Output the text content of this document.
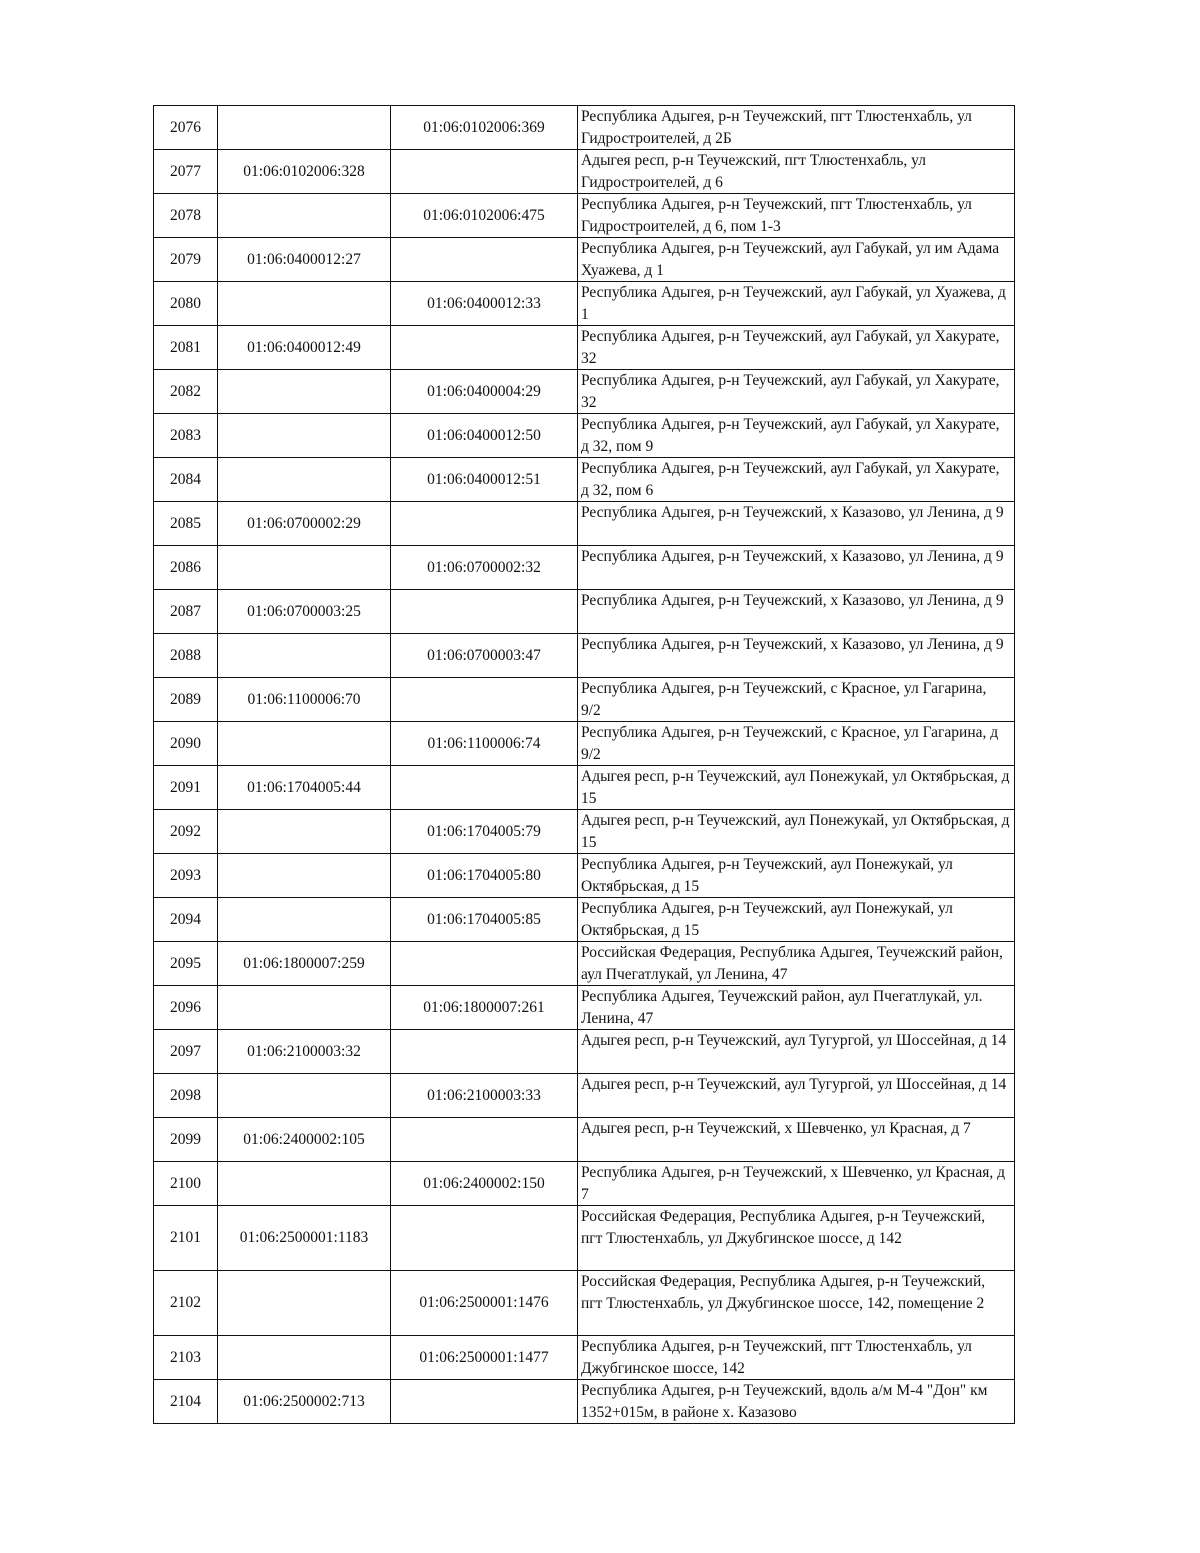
2076		01:06:0102006:369	Республика Адыгея, р-н Теучежский, пгт Тлюстенхабль, ул Гидростроителей, д 2Б
2077	01:06:0102006:328		Адыгея респ, р-н Теучежский, пгт Тлюстенхабль, ул Гидростроителей, д 6
2078		01:06:0102006:475	Республика Адыгея, р-н Теучежский, пгт Тлюстенхабль, ул Гидростроителей, д 6, пом 1-3
2079	01:06:0400012:27		Республика Адыгея, р-н Теучежский, аул Габукай, ул им Адама Хуажева, д 1
2080		01:06:0400012:33	Республика Адыгея, р-н Теучежский, аул Габукай, ул Хуажева, д 1
2081	01:06:0400012:49		Республика Адыгея, р-н Теучежский, аул Габукай, ул Хакурате, 32
2082		01:06:0400004:29	Республика Адыгея, р-н Теучежский, аул Габукай, ул Хакурате, 32
2083		01:06:0400012:50	Республика Адыгея, р-н Теучежский, аул Габукай, ул Хакурате, д 32, пом 9
2084		01:06:0400012:51	Республика Адыгея, р-н Теучежский, аул Габукай, ул Хакурате, д 32, пом 6
2085	01:06:0700002:29		Республика Адыгея, р-н Теучежский, х Казазово, ул Ленина, д 9
2086		01:06:0700002:32	Республика Адыгея, р-н Теучежский, х Казазово, ул Ленина, д 9
2087	01:06:0700003:25		Республика Адыгея, р-н Теучежский, х Казазово, ул Ленина, д 9
2088		01:06:0700003:47	Республика Адыгея, р-н Теучежский, х Казазово, ул Ленина, д 9
2089	01:06:1100006:70		Республика Адыгея, р-н Теучежский, с Красное, ул Гагарина, 9/2
2090		01:06:1100006:74	Республика Адыгея, р-н Теучежский, с Красное, ул Гагарина, д 9/2
2091	01:06:1704005:44		Адыгея респ, р-н Теучежский, аул Понежукай, ул Октябрьская, д 15
2092		01:06:1704005:79	Адыгея респ, р-н Теучежский, аул Понежукай, ул Октябрьская, д 15
2093		01:06:1704005:80	Республика Адыгея, р-н Теучежский, аул Понежукай, ул Октябрьская, д 15
2094		01:06:1704005:85	Республика Адыгея, р-н Теучежский, аул Понежукай, ул Октябрьская, д 15
2095	01:06:1800007:259		Российская Федерация, Республика Адыгея, Теучежский район, аул Пчегатлукай, ул Ленина, 47
2096		01:06:1800007:261	Республика Адыгея, Теучежский район, аул Пчегатлукай, ул. Ленина, 47
2097	01:06:2100003:32		Адыгея респ, р-н Теучежский, аул Тугургой, ул Шоссейная, д 14
2098		01:06:2100003:33	Адыгея респ, р-н Теучежский, аул Тугургой, ул Шоссейная, д 14
2099	01:06:2400002:105		Адыгея респ, р-н Теучежский, х Шевченко, ул Красная, д 7
2100		01:06:2400002:150	Республика Адыгея, р-н Теучежский, х Шевченко, ул Красная, д 7
2101	01:06:2500001:1183		Российская Федерация, Республика Адыгея, р-н Теучежский, пгт Тлюстенхабль, ул Джубгинское шоссе, д 142
2102		01:06:2500001:1476	Российская Федерация, Республика Адыгея, р-н Теучежский, пгт Тлюстенхабль, ул Джубгинское шоссе, 142, помещение 2
2103		01:06:2500001:1477	Республика Адыгея, р-н Теучежский, пгт Тлюстенхабль, ул Джубгинское шоссе, 142
2104	01:06:2500002:713		Республика Адыгея, р-н Теучежский, вдоль а/м М-4 "Дон" км 1352+015м, в районе х. Казазово
